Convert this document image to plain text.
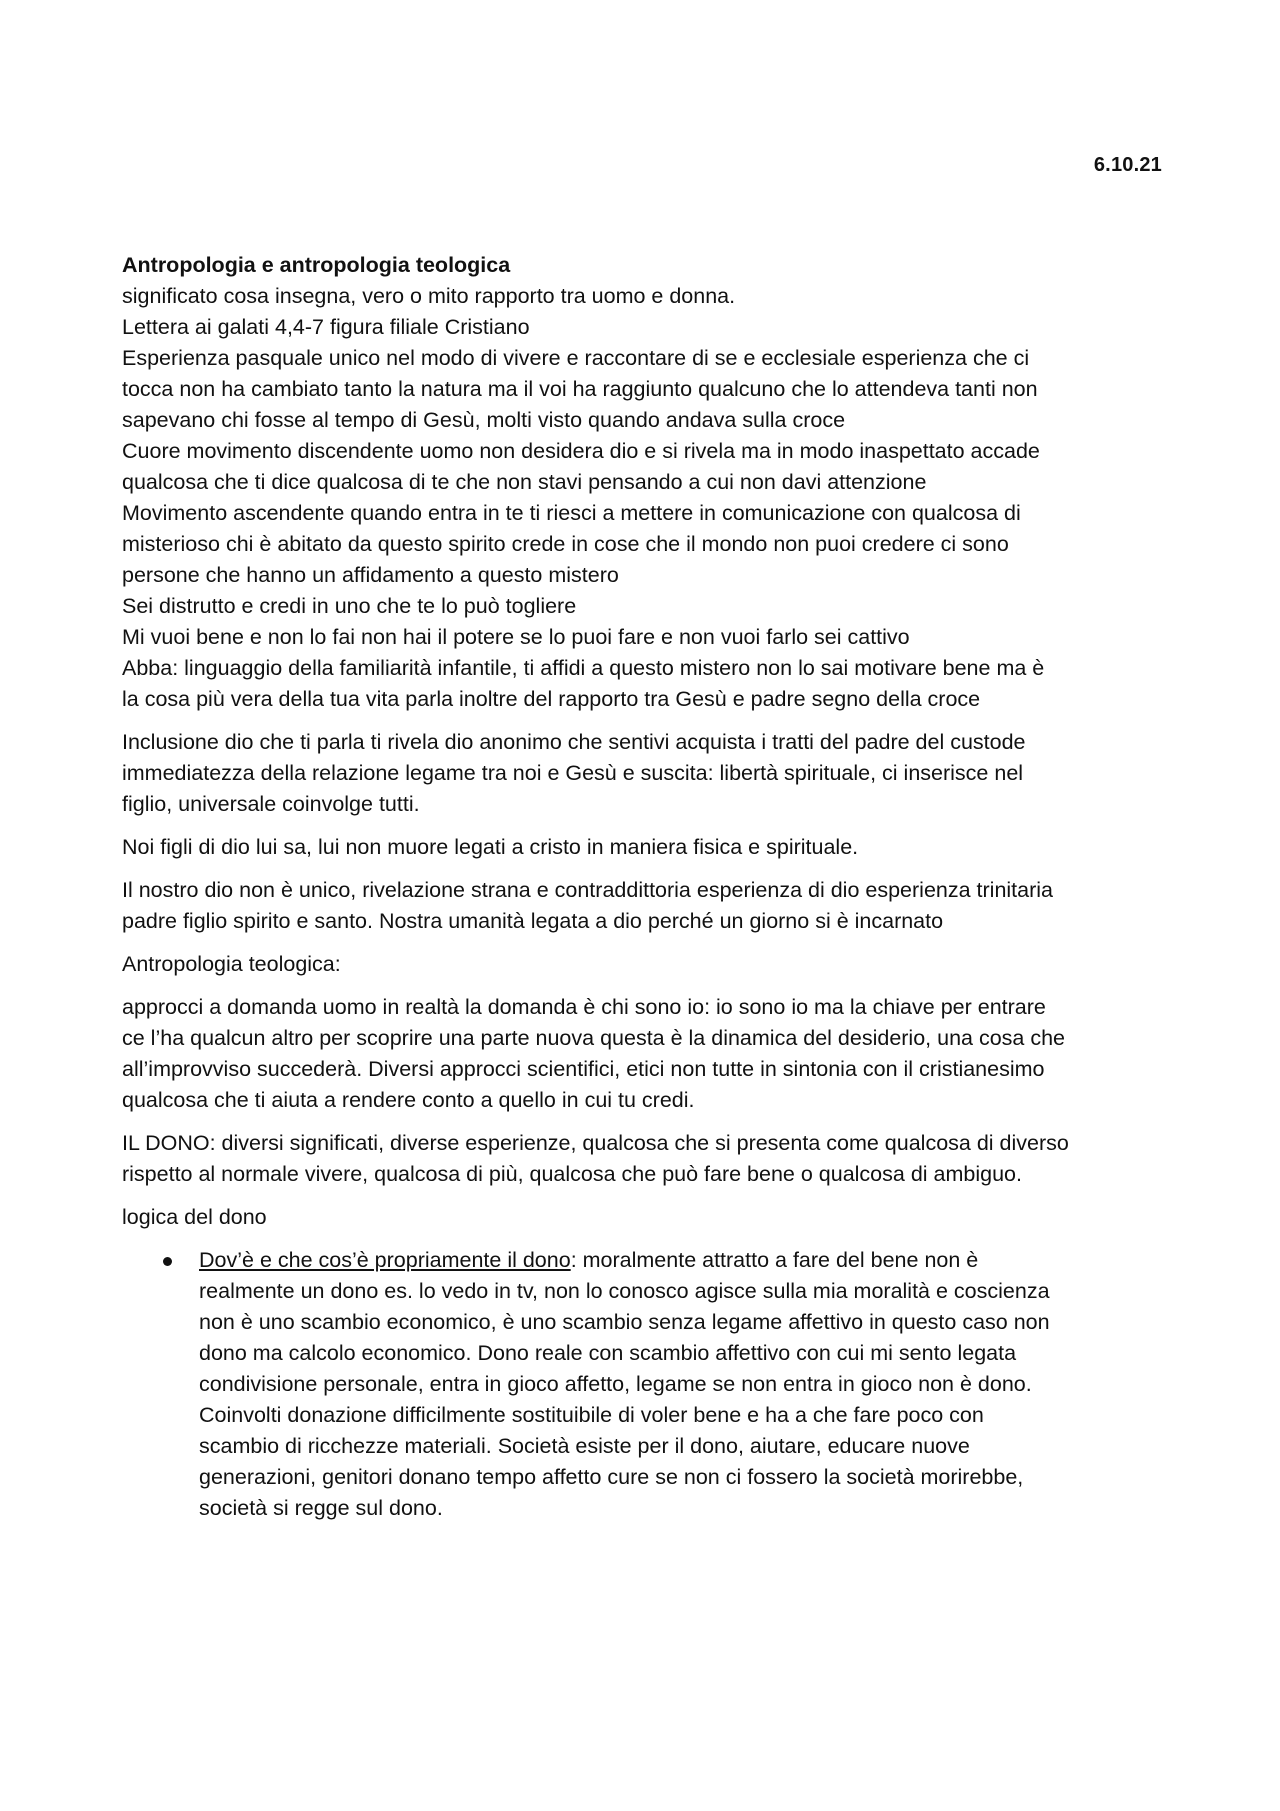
6.10.21

Antropologia e antropologia teologica

significato cosa insegna, vero o mito rapporto tra uomo e donna.
Lettera ai galati 4,4-7 figura filiale Cristiano
Esperienza pasquale unico nel modo di vivere e raccontare di se e ecclesiale esperienza che ci
tocca non ha cambiato tanto la natura ma il voi ha raggiunto qualcuno che lo attendeva tanti non
sapevano chi fosse al tempo di Gesù, molti visto quando andava sulla croce
Cuore movimento discendente uomo non desidera dio e si rivela ma in modo inaspettato accade
qualcosa che ti dice qualcosa di te che non stavi pensando a cui non davi attenzione
Movimento ascendente quando entra in te ti riesci a mettere in comunicazione con qualcosa di
misterioso chi è abitato da questo spirito crede in cose che il mondo non puoi credere ci sono
persone che hanno un affidamento a questo mistero
Sei distrutto e credi in uno che te lo può togliere
Mi vuoi bene e non lo fai non hai il potere se lo puoi fare e non vuoi farlo sei cattivo
Abba: linguaggio della familiarità infantile, ti affidi a questo mistero non lo sai motivare bene ma è
la cosa più vera della tua vita parla inoltre del rapporto tra Gesù e padre segno della croce
Inclusione dio che ti parla ti rivela dio anonimo che sentivi acquista i tratti del padre del custode
immediatezza della relazione legame tra noi e Gesù e suscita: libertà spirituale, ci inserisce nel
figlio, universale coinvolge tutti.
Noi figli di dio lui sa, lui non muore legati a cristo in maniera fisica e spirituale.
Il nostro dio non è unico, rivelazione strana e contraddittoria esperienza di dio esperienza trinitaria
padre figlio spirito e santo. Nostra umanità legata a dio perché un giorno si è incarnato
Antropologia teologica:
approcci a domanda uomo in realtà la domanda è chi sono io: io sono io ma la chiave per entrare
ce l’ha qualcun altro per scoprire una parte nuova questa è la dinamica del desiderio, una cosa che
all’improvviso succederà. Diversi approcci scientifici, etici non tutte in sintonia con il cristianesimo
qualcosa che ti aiuta a rendere conto a quello in cui tu credi.
IL DONO: diversi significati, diverse esperienze, qualcosa che si presenta come qualcosa di diverso
rispetto al normale vivere, qualcosa di più, qualcosa che può fare bene o qualcosa di ambiguo.
logica del dono
Dov’è e che cos’è propriamente il dono: moralmente attratto a fare del bene non è
realmente un dono es. lo vedo in tv, non lo conosco agisce sulla mia moralità e coscienza
non è uno scambio economico, è uno scambio senza legame affettivo in questo caso non
dono ma calcolo economico. Dono reale con scambio affettivo con cui mi sento legata
condivisione personale, entra in gioco affetto, legame se non entra in gioco non è dono.
Coinvolti donazione difficilmente sostituibile di voler bene e ha a che fare poco con
scambio di ricchezze materiali. Società esiste per il dono, aiutare, educare nuove
generazioni, genitori donano tempo affetto cure se non ci fossero la società morirebbe,
società si regge sul dono.
